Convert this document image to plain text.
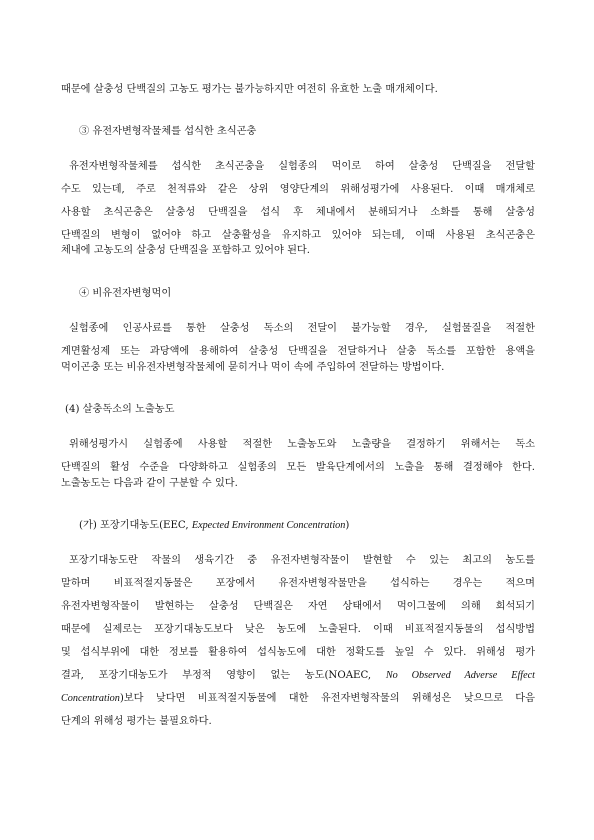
때문에 살충성 단백질의 고농도 평가는 불가능하지만 여전히 유효한 노출 매개체이다.
③ 유전자변형작물체를 섭식한 초식곤충
유전자변형작물체를 섭식한 초식곤충을 실험종의 먹이로 하여 살충성 단백질을 전달할
수도 있는데, 주로 천적류와 같은 상위 영양단계의 위해성평가에 사용된다. 이때 매개체로
사용할 초식곤충은 살충성 단백질을 섭식 후 체내에서 분해되거나 소화를 통해 살충성
단백질의 변형이 없어야 하고 살충활성을 유지하고 있어야 되는데, 이때 사용된 초식곤충은
체내에 고농도의 살충성 단백질을 포함하고 있어야 된다.
④ 비유전자변형먹이
실험종에 인공사료를 통한 살충성 독소의 전달이 불가능할 경우, 실험물질을 적절한
계면활성제 또는 과당액에 용해하여 살충성 단백질을 전달하거나 살충 독소를 포함한 용액을
먹이곤충 또는 비유전자변형작물체에 묻히거나 먹이 속에 주입하여 전달하는 방법이다.
(4) 살충독소의 노출농도
위해성평가시 실험종에 사용할 적절한 노출농도와 노출량을 결정하기 위해서는 독소
단백질의 활성 수준을 다양화하고 실험종의 모든 발육단계에서의 노출을 통해 결정해야 한다.
노출농도는 다음과 같이 구분할 수 있다.
(가) 포장기대농도(EEC, Expected Environment Concentration)
포장기대농도란 작물의 생육기간 중 유전자변형작물이 발현할 수 있는 최고의 농도를
말하며 비표적절지동물은 포장에서 유전자변형작물만을 섭식하는 경우는 적으며
유전자변형작물이 발현하는 살충성 단백질은 자연 상태에서 먹이그물에 의해 희석되기
때문에 실제로는 포장기대농도보다 낮은 농도에 노출된다. 이때 비표적절지동물의 섭식방법
및 섭식부위에 대한 정보를 활용하여 섭식농도에 대한 정확도를 높일 수 있다. 위해성 평가
결과, 포장기대농도가 부정적 영향이 없는 농도(NOAEC, No Observed Adverse Effect
Concentration)보다 낮다면 비표적절지동물에 대한 유전자변형작물의 위해성은 낮으므로 다음
단계의 위해성 평가는 불필요하다.
